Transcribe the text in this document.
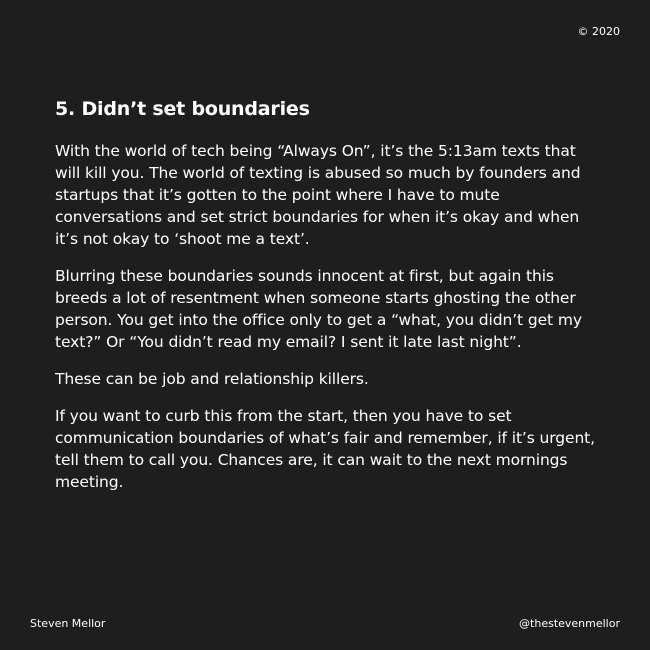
© 2020
5. Didn’t set boundaries

With the world of tech being “Always On”, it’s the 5:13am texts that will kill you. The world of texting is abused so much by founders and startups that it’s gotten to the point where I have to mute conversations and set strict boundaries for when it’s okay and when it’s not okay to ‘shoot me a text’.

Blurring these boundaries sounds innocent at first, but again this breeds a lot of resentment when someone starts ghosting the other person. You get into the office only to get a “what, you didn’t get my text?” Or “You didn’t read my email? I sent it late last night”.

These can be job and relationship killers.

If you want to curb this from the start, then you have to set communication boundaries of what’s fair and remember, if it’s urgent, tell them to call you. Chances are, it can wait to the next mornings meeting.

Steven Mellor	@thestevenmellor
